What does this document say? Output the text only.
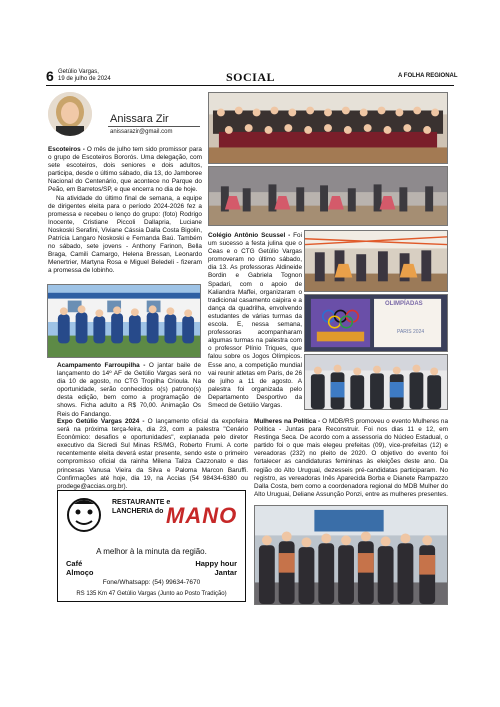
6 Getúlio Vargas,
19 de julho de 2024	SOCIAL	A FOLHA REGIONAL
Anissara Zir
anissarazir@gmail.com
Escoteiros - O mês de julho tem sido promissor para o grupo de Escoteiros Bororós. Uma delegação, com sete escoteiros, dois seniores e dois adultos, participa, desde o último sábado, dia 13, do Jamboree Nacional do Centenário, que acontece no Parque do Peão, em Barretos/SP, e que encerra no dia de hoje.
Na atividade do último final de semana, a equipe de dirigentes eleita para o período 2024-2026 fez a promessa e recebeu o lenço do grupo: (foto) Rodrigo Inocente, Cristiane Piccoli Dallapria, Luciane Noskoski Serafini, Viviane Cássia Dalla Costa Bigolin, Patrícia Langaro Noskoski e Fernanda Baú. Também no sábado, sete jovens - Anthony Farinon, Bella Braga, Camili Camargo, Helena Bressan, Leonardo Menertrier, Martyna Rosa e Miguel Beledeli - fizeram a promessa de lobinho.
Acampamento Farroupilha - O jantar baile de lançamento do 14º AF de Getúlio Vargas será no dia 10 de agosto, no CTG Tropilha Crioula. Na oportunidade, serão conhecidos o(s) patrono(s) desta edição, bem como a programação de shows. Ficha adulto a R$ 70,00. Animação Os Reis do Fandango.
Colégio Antônio Scussel - Foi um sucesso a festa julina que o Ceas e o CTG Getúlio Vargas promoveram no último sábado, dia 13. As professoras Aldineide Bordin e Gabriela Tognon Spadari, com o apoio de Kaliandra Maffei, organizaram o tradicional casamento caipira e a dança da quadrilha, envolvendo estudantes de várias turmas da escola. E, nessa semana, professoras acompanharam algumas turmas na palestra com o professor Plínio Triques, que falou sobre os Jogos Olímpicos. Esse ano, a competição mundial vai reunir atletas em Paris, de 26 de julho a 11 de agosto. A palestra foi organizada pelo Departamento Desportivo da Smecd de Getúlio Vargas.
OLIMPÍADAS
PARIS 2024
Expo Getúlio Vargas 2024 - O lançamento oficial da expofeira será na próxima terça-feira, dia 23, com a palestra "Cenário Econômico: desafios e oportunidades", explanada pelo diretor executivo da Sicredi Sul Minas RS/MG, Roberto Frumi. A corte recentemente eleita deverá estar presente, sendo este o primeiro compromisso oficial da rainha Milena Taliza Cazzonato e das princesas Vanusa Vieira da Silva e Paloma Marcon Baruffi. Confirmações até hoje, dia 19, na Accias (54 98434-6380 ou prodege@accias.org.br).
RESTAURANTE e
LANCHERIA do MANO
A melhor à la minuta da região.
Café
Almoço
Happy hour
Jantar
Fone/Whatsapp: (54) 99634-7670
RS 135 Km 47 Getúlio Vargas (Junto ao Posto Tradição)
Mulheres na Política - O MDB/RS promoveu o evento Mulheres na Política - Juntas para Reconstruir. Foi nos dias 11 e 12, em Restinga Seca. De acordo com a assessoria do Núcleo Estadual, o partido foi o que mais elegeu prefeitas (09), vice-prefeitas (12) e vereadoras (232) no pleito de 2020. O objetivo do evento foi fortalecer as candidaturas femininas às eleições deste ano. Da região do Alto Uruguai, dezesseis pré-candidatas participaram. No registro, as vereadoras Inês Aparecida Borba e Dianete Rampazzo Dalla Costa, bem como a coordenadora regional do MDB Mulher do Alto Uruguai, Deliane Assunção Ponzi, entre as mulheres presentes.
